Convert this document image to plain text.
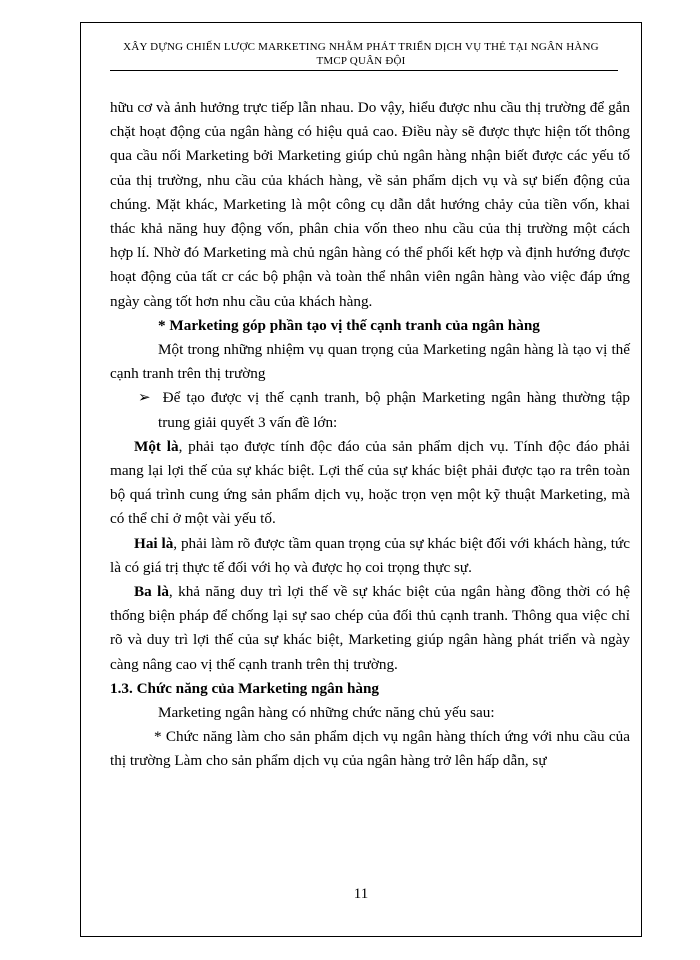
XÂY DỰNG CHIẾN LƯỢC MARKETING NHẰM PHÁT TRIỂN DỊCH VỤ THẺ TẠI NGÂN HÀNG
TMCP QUÂN ĐỘI

hữu cơ và ảnh hưởng trực tiếp lẫn nhau. Do vậy, hiểu được nhu cầu thị trường để gắn chặt hoạt động của ngân hàng có hiệu quả cao. Điều này sẽ được thực hiện tốt thông qua cầu nối Marketing bởi Marketing giúp chủ ngân hàng nhận biết được các yếu tố của thị trường, nhu cầu của khách hàng, về sản phẩm dịch vụ và sự biến động của chúng. Mặt khác, Marketing là một công cụ dẫn dắt hướng chảy của tiền vốn, khai thác khả năng huy động vốn, phân chia vốn theo nhu cầu của thị trường một cách hợp lí. Nhờ đó Marketing mà chủ ngân hàng có thể phối kết hợp và định hướng được hoạt động của tất cr các bộ phận và toàn thể nhân viên ngân hàng vào việc đáp ứng ngày càng tốt hơn nhu cầu của khách hàng.

* Marketing góp phần tạo vị thế cạnh tranh của ngân hàng

Một trong những nhiệm vụ quan trọng của Marketing ngân hàng là tạo vị thế cạnh tranh trên thị trường

➢ Để tạo được vị thế cạnh tranh, bộ phận Marketing ngân hàng thường tập trung giải quyết 3 vấn đề lớn:

Một là, phải tạo được tính độc đáo của sản phẩm dịch vụ. Tính độc đáo phải mang lại lợi thế của sự khác biệt. Lợi thế của sự khác biệt phải được tạo ra trên toàn bộ quá trình cung ứng sản phẩm dịch vụ, hoặc trọn vẹn một kỹ thuật Marketing, mà có thể chỉ ở một vài yếu tố.

Hai là, phải làm rõ được tầm quan trọng của sự khác biệt đối với khách hàng, tức là có giá trị thực tế đối với họ và được họ coi trọng thực sự.

Ba là, khả năng duy trì lợi thế về sự khác biệt của ngân hàng đồng thời có hệ thống biện pháp để chống lại sự sao chép của đối thủ cạnh tranh. Thông qua việc chỉ rõ và duy trì lợi thế của sự khác biệt, Marketing giúp ngân hàng phát triển và ngày càng nâng cao vị thế cạnh tranh trên thị trường.

1.3. Chức năng của Marketing ngân hàng

Marketing ngân hàng có những chức năng chủ yếu sau:

* Chức năng làm cho sản phẩm dịch vụ ngân hàng thích ứng với nhu cầu của thị trường Làm cho sản phẩm dịch vụ của ngân hàng trở lên hấp dẫn, sự

11
